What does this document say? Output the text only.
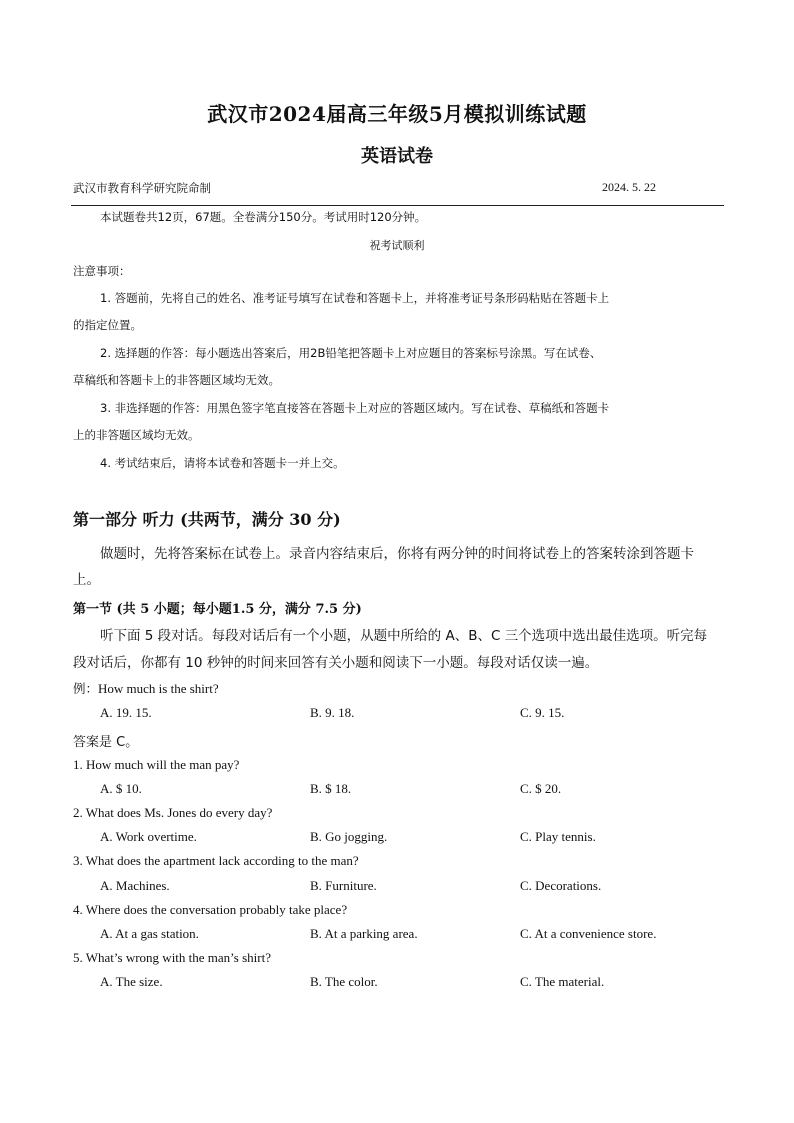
武汉市2024届高三年级5月模拟训练试题
英语试卷
武汉市教育科学研究院命制	2024. 5. 22
本试题卷共12页，67题。全卷满分150分。考试用时120分钟。
祝考试顺利
注意事项：
1. 答题前，先将自己的姓名、准考证号填写在试卷和答题卡上，并将准考证号条形码粘贴在答题卡上
的指定位置。
2. 选择题的作答：每小题选出答案后，用2B铅笔把答题卡上对应题目的答案标号涂黑。写在试卷、
草稿纸和答题卡上的非答题区域均无效。
3. 非选择题的作答：用黑色签字笔直接答在答题卡上对应的答题区域内。写在试卷、草稿纸和答题卡
上的非答题区域均无效。
4. 考试结束后，请将本试卷和答题卡一并上交。
第一部分 听力 (共两节，满分 30 分)
做题时，先将答案标在试卷上。录音内容结束后，你将有两分钟的时间将试卷上的答案转涂到答题卡
上。
第一节 (共 5 小题；每小题1.5 分，满分 7.5 分)
听下面 5 段对话。每段对话后有一个小题，从题中所给的 A、B、C 三个选项中选出最佳选项。听完每
段对话后，你都有 10 秒钟的时间来回答有关小题和阅读下一小题。每段对话仅读一遍。
例：How much is the shirt?
A. 19. 15.	B. 9. 18.	C. 9. 15.
答案是 C。
1. How much will the man pay?
A. $ 10.	B. $ 18.	C. $ 20.
2. What does Ms. Jones do every day?
A. Work overtime.	B. Go jogging.	C. Play tennis.
3. What does the apartment lack according to the man?
A. Machines.	B. Furniture.	C. Decorations.
4. Where does the conversation probably take place?
A. At a gas station.	B. At a parking area.	C. At a convenience store.
5. What’s wrong with the man’s shirt?
A. The size.	B. The color.	C. The material.
